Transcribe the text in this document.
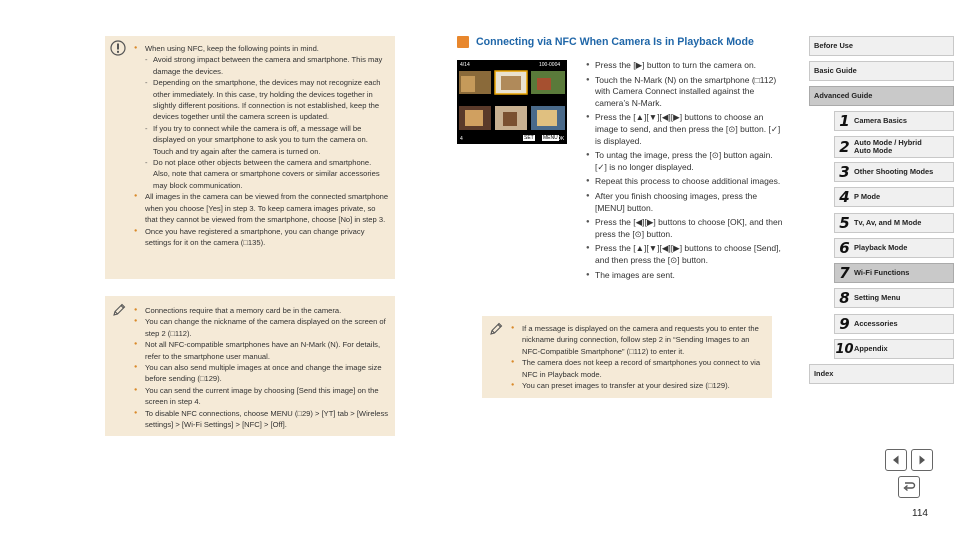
● When using NFC, keep the following points in mind.
- Avoid strong impact between the camera and smartphone. This may damage the devices.
- Depending on the smartphone, the devices may not recognize each other immediately. In this case, try holding the devices together in slightly different positions. If connection is not established, keep the devices together until the camera screen is updated.
- If you try to connect while the camera is off, a message will be displayed on your smartphone to ask you to turn the camera on. Touch and try again after the camera is turned on.
- Do not place other objects between the camera and smartphone. Also, note that camera or smartphone covers or similar accessories may block communication.
● All images in the camera can be viewed from the connected smartphone when you choose [Yes] in step 3. To keep camera images private, so that they cannot be viewed from the smartphone, choose [No] in step 3.
● Once you have registered a smartphone, you can change privacy settings for it on the camera (□135).
● Connections require that a memory card be in the camera.
● You can change the nickname of the camera displayed on the screen of step 2 (□112).
● Not all NFC-compatible smartphones have an N-Mark (N). For details, refer to the smartphone user manual.
● You can also send multiple images at once and change the image size before sending (□129).
● You can send the current image by choosing [Send this image] on the screen in step 4.
● To disable NFC connections, choose MENU (□29) > [YT] tab > [Wireless settings] > [Wi-Fi Settings] > [NFC] > [Off].
Connecting via NFC When Camera Is in Playback Mode
4/14	100-0004
4	SET MENU OK
● Press the [▶] button to turn the camera on.
● Touch the N-Mark (N) on the smartphone (□112) with Camera Connect installed against the camera’s N-Mark.
● Press the [▲][▼][◀][▶] buttons to choose an image to send, and then press the [⊙] button. [✓] is displayed.
● To untag the image, press the [⊙] button again. [✓] is no longer displayed.
● Repeat this process to choose additional images.
● After you finish choosing images, press the [MENU] button.
● Press the [◀][▶] buttons to choose [OK], and then press the [⊙] button.
● Press the [▲][▼][◀][▶] buttons to choose [Send], and then press the [⊙] button.
● The images are sent.
● If a message is displayed on the camera and requests you to enter the nickname during connection, follow step 2 in “Sending Images to an NFC-Compatible Smartphone” (□112) to enter it.
● The camera does not keep a record of smartphones you connect to via NFC in Playback mode.
● You can preset images to transfer at your desired size (□129).
Before Use
Basic Guide
Advanced Guide
1 Camera Basics
2 Auto Mode / Hybrid Auto Mode
3 Other Shooting Modes
4 P Mode
5 Tv, Av, and M Mode
6 Playback Mode
7 Wi-Fi Functions
8 Setting Menu
9 Accessories
10 Appendix
Index
114
